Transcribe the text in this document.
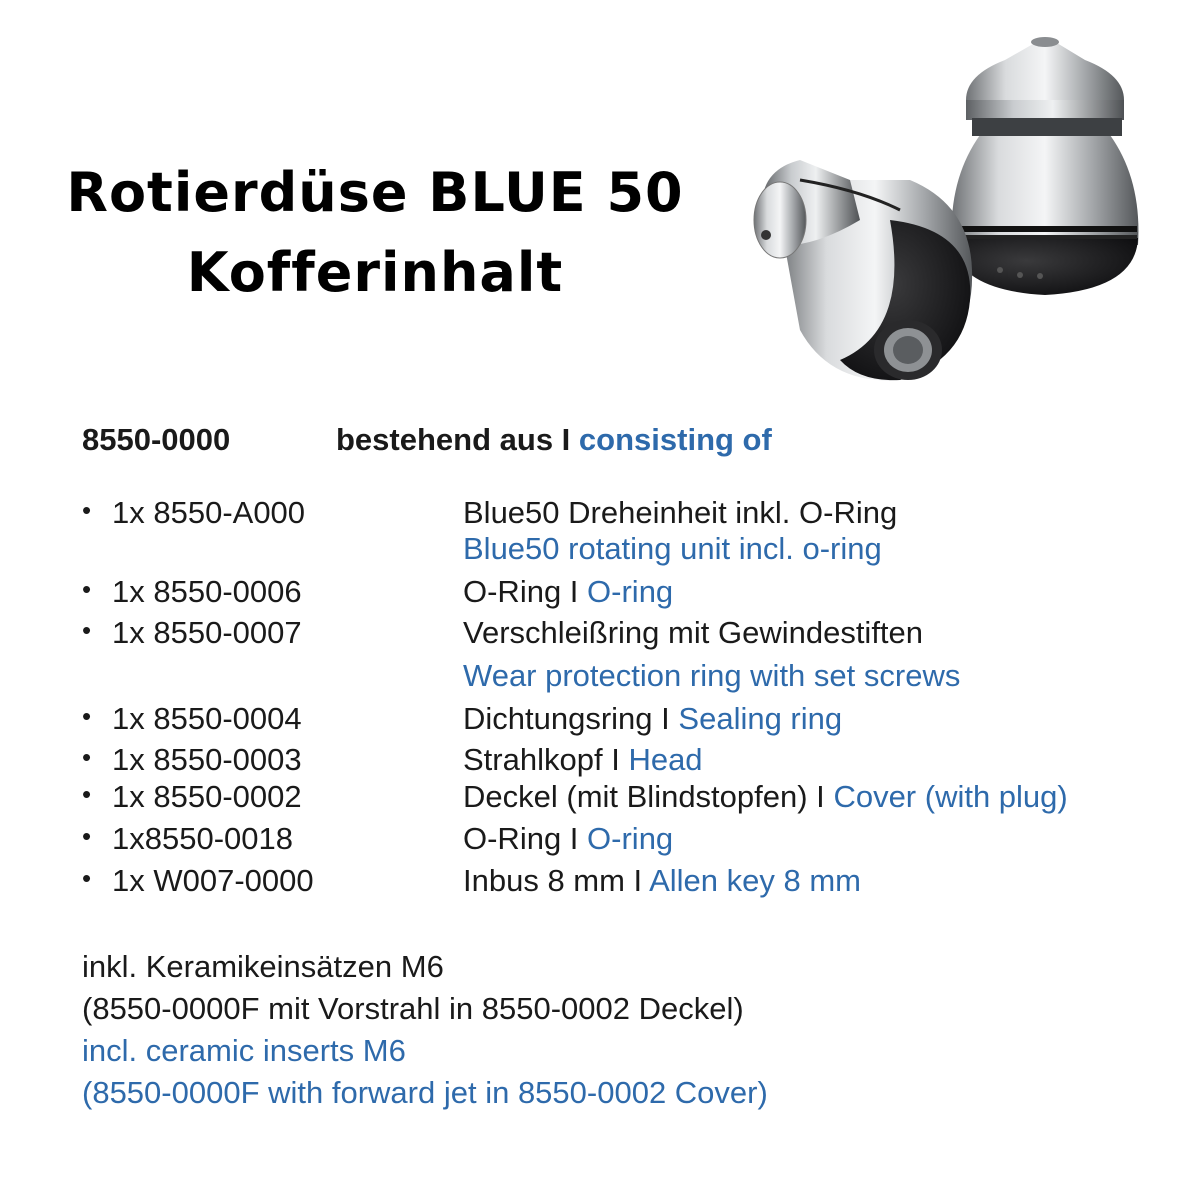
Rotierdüse BLUE 50
Kofferinhalt
8550-0000	bestehend aus I consisting of
• 1x 8550-A000	Blue50 Dreheinheit inkl. O-Ring
Blue50 rotating unit incl. o-ring
• 1x 8550-0006	O-Ring I O-ring
• 1x 8550-0007	Verschleißring mit Gewindestiften
Wear protection ring with set screws
• 1x 8550-0004	Dichtungsring I Sealing ring
• 1x 8550-0003	Strahlkopf I Head
• 1x 8550-0002	Deckel (mit Blindstopfen) I Cover (with plug)
• 1x8550-0018	O-Ring I O-ring
• 1x W007-0000	Inbus 8 mm I Allen key 8 mm
inkl. Keramikeinsätzen M6
(8550-0000F mit Vorstrahl in 8550-0002 Deckel)
incl. ceramic inserts M6
(8550-0000F with forward jet in 8550-0002 Cover)
